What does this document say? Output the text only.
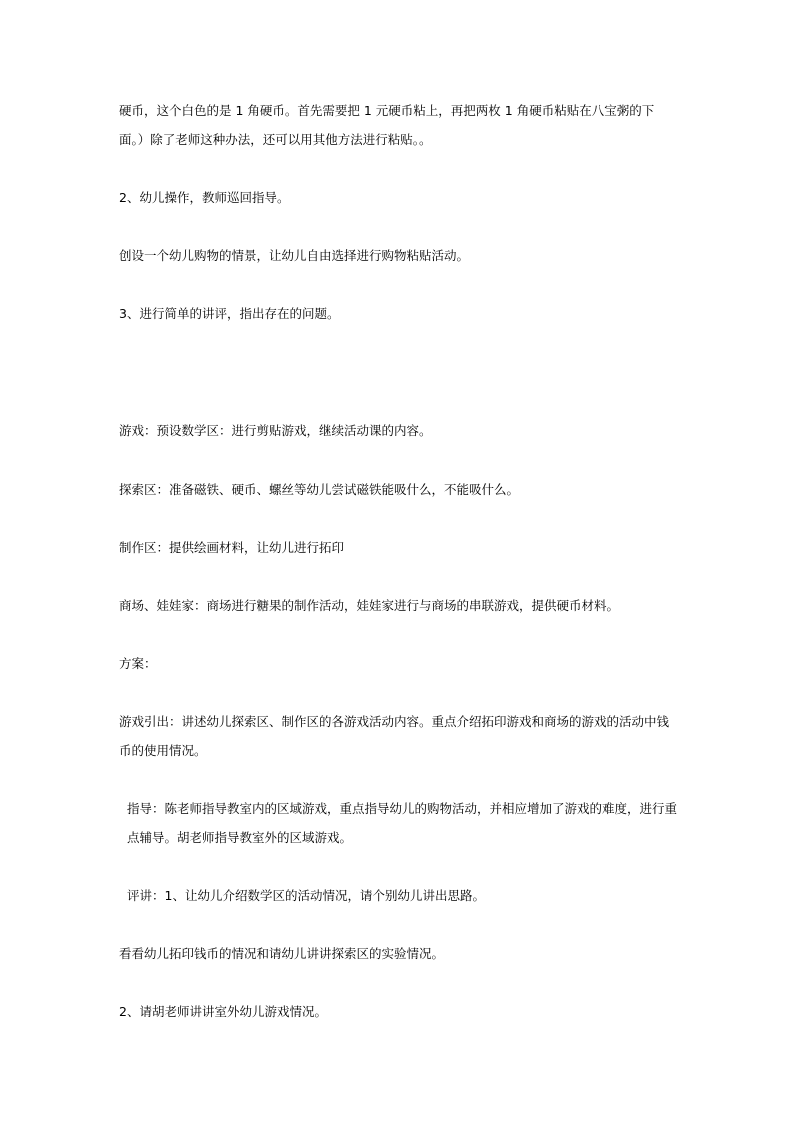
硬币，这个白色的是 1 角硬币。首先需要把 1 元硬币粘上，再把两枚 1 角硬币粘贴在八宝粥的下面。）除了老师这种办法，还可以用其他方法进行粘贴。。
2、幼儿操作，教师巡回指导。
创设一个幼儿购物的情景，让幼儿自由选择进行购物粘贴活动。
3、进行简单的讲评，指出存在的问题。
游戏：预设数学区：进行剪贴游戏，继续活动课的内容。
探索区：准备磁铁、硬币、螺丝等幼儿尝试磁铁能吸什么，不能吸什么。
制作区：提供绘画材料，让幼儿进行拓印
商场、娃娃家：商场进行糖果的制作活动，娃娃家进行与商场的串联游戏，提供硬币材料。
方案：
游戏引出：讲述幼儿探索区、制作区的各游戏活动内容。重点介绍拓印游戏和商场的游戏的活动中钱币的使用情况。
指导：陈老师指导教室内的区域游戏，重点指导幼儿的购物活动，并相应增加了游戏的难度，进行重点辅导。胡老师指导教室外的区域游戏。
评讲：1、让幼儿介绍数学区的活动情况，请个别幼儿讲出思路。
看看幼儿拓印钱币的情况和请幼儿讲讲探索区的实验情况。
2、请胡老师讲讲室外幼儿游戏情况。
